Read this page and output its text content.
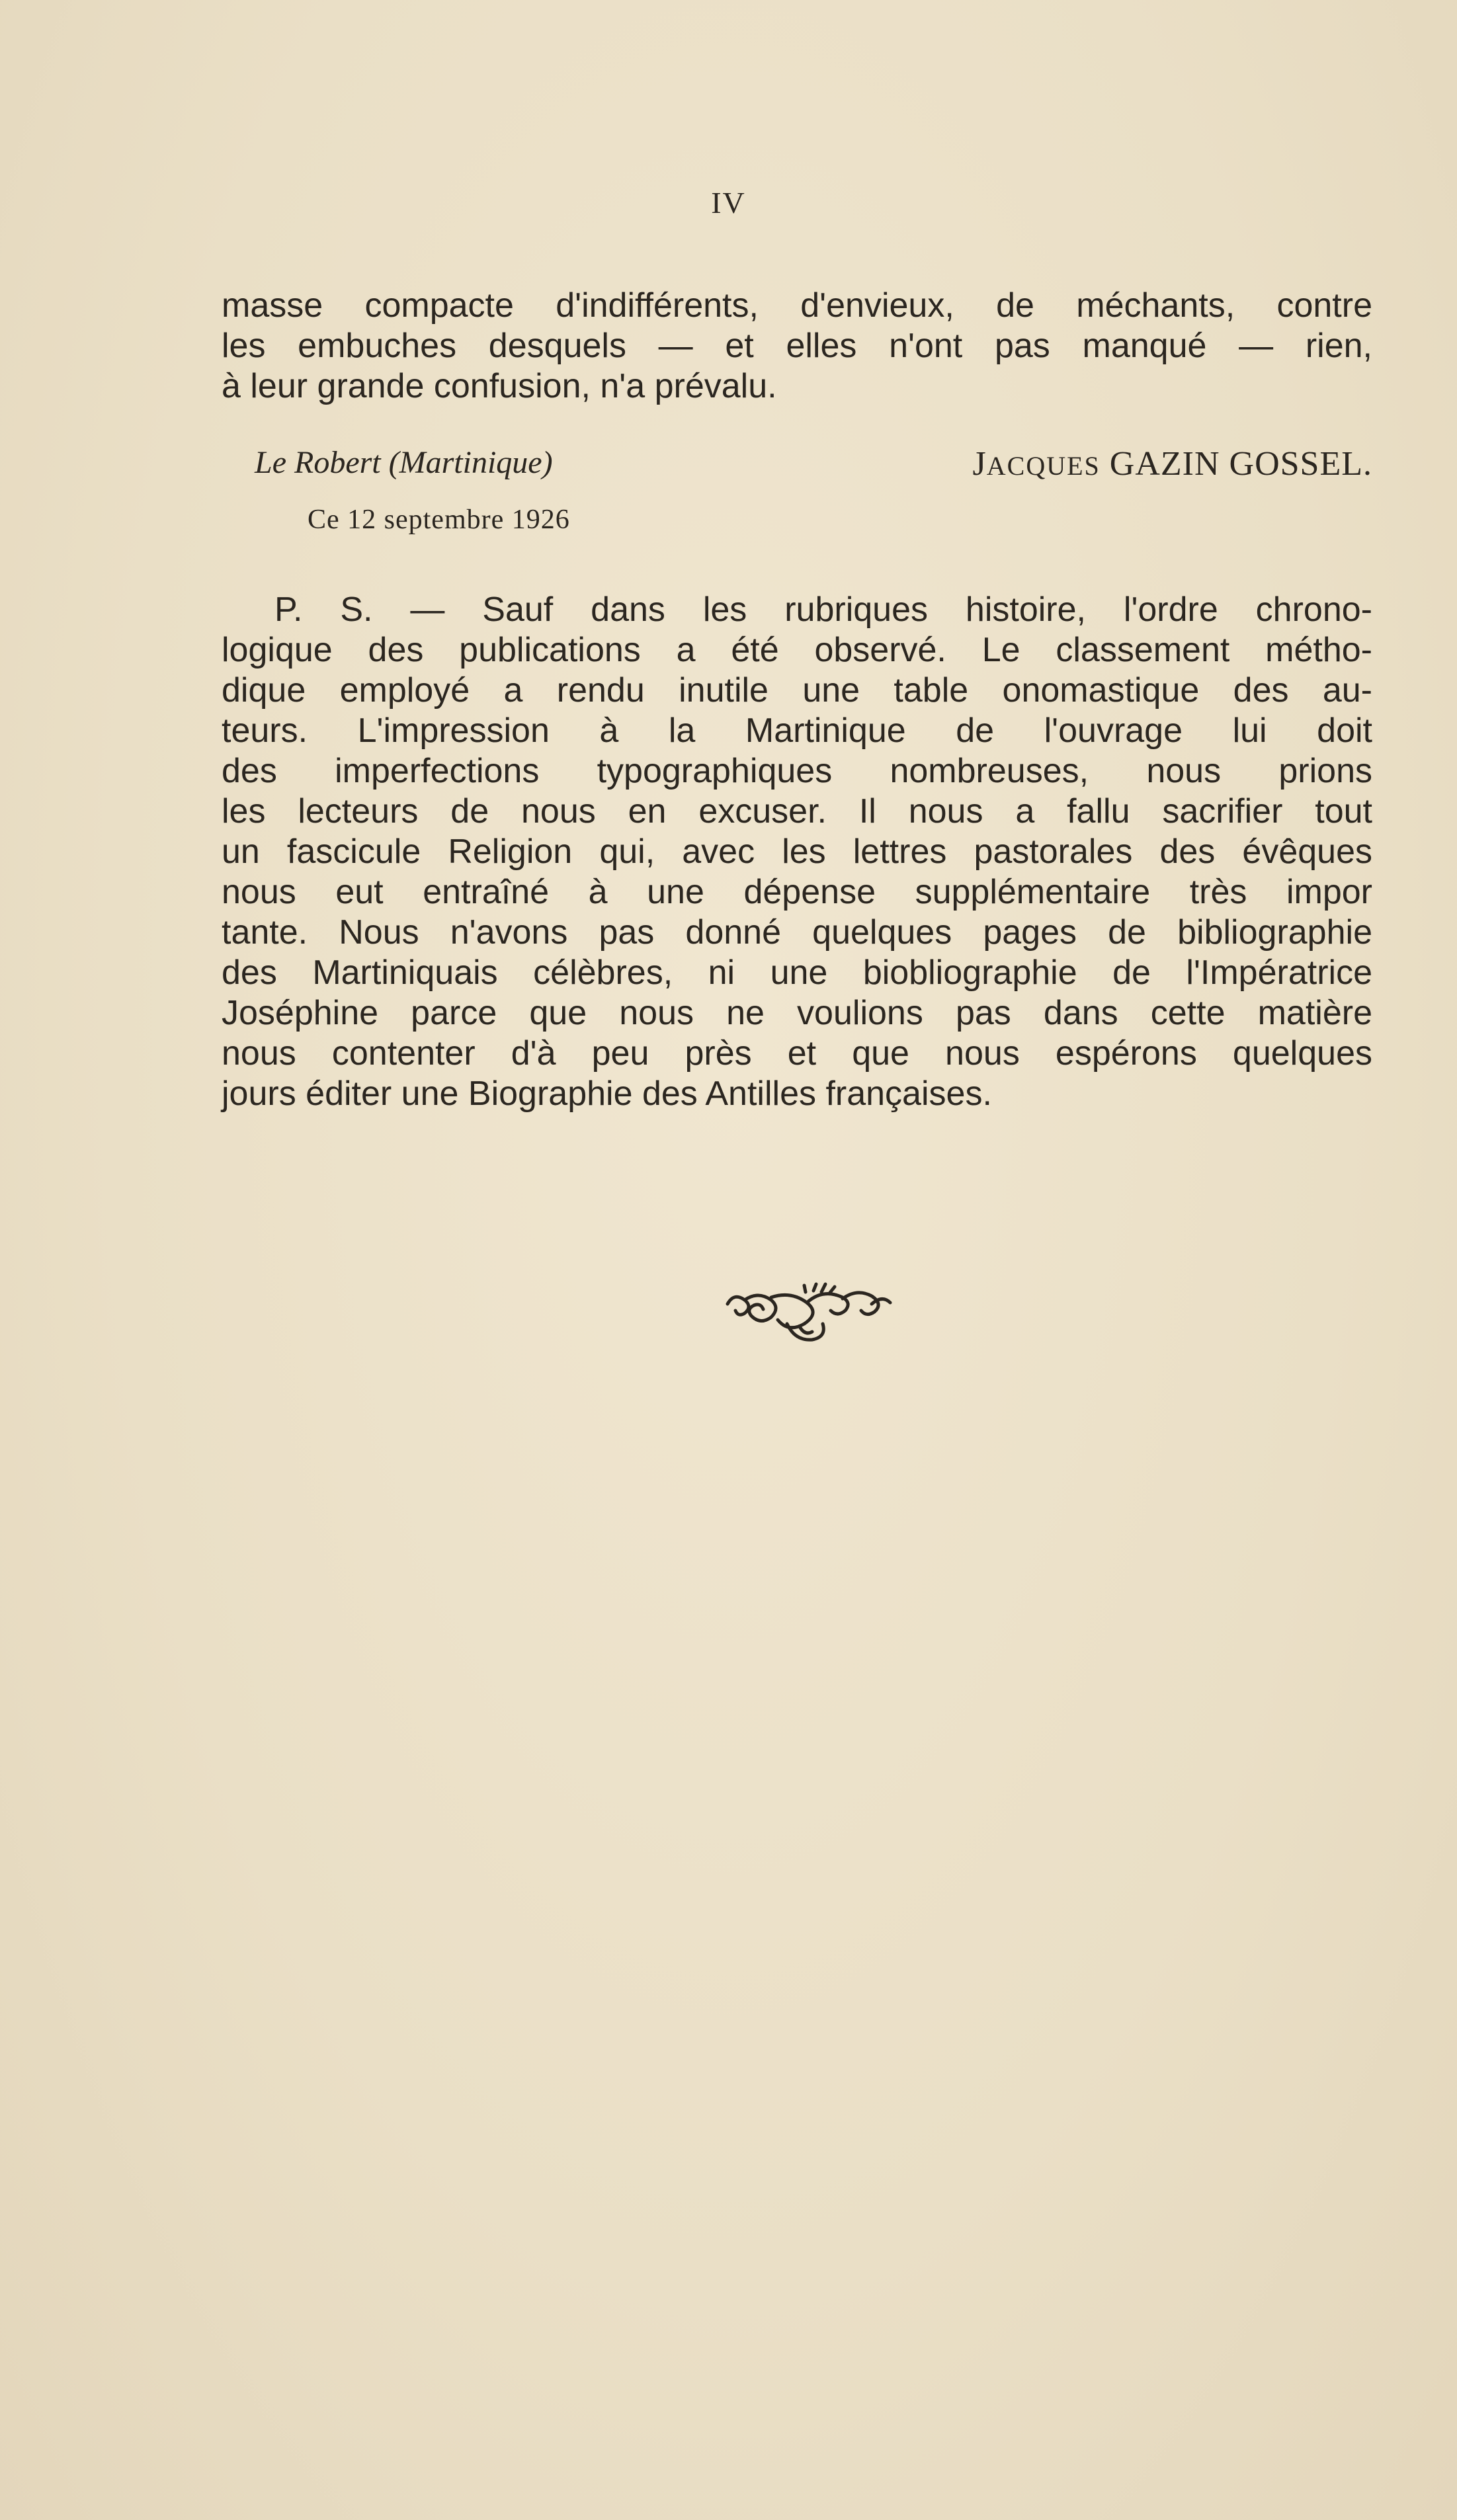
IV
masse compacte d'indifférents, d'envieux, de méchants, contre
les embuches desquels — et elles n'ont pas manqué — rien,
à leur grande confusion, n'a prévalu.
Le Robert (Martinique)	JACQUES GAZIN GOSSEL.
Ce 12 septembre 1926
P. S. — Sauf dans les rubriques histoire, l'ordre chrono-
logique des publications a été observé. Le classement métho-
dique employé a rendu inutile une table onomastique des au-
teurs. L'impression à la Martinique de l'ouvrage lui doit
des imperfections typographiques nombreuses, nous prions
les lecteurs de nous en excuser. Il nous a fallu sacrifier tout
un fascicule Religion qui, avec les lettres pastorales des évêques
nous eut entraîné à une dépense supplémentaire très impor
tante. Nous n'avons pas donné quelques pages de bibliographie
des Martiniquais célèbres, ni une biobliographie de l'Impératrice
Joséphine parce que nous ne voulions pas dans cette matière
nous contenter d'à peu près et que nous espérons quelques
jours éditer une Biographie des Antilles françaises.
